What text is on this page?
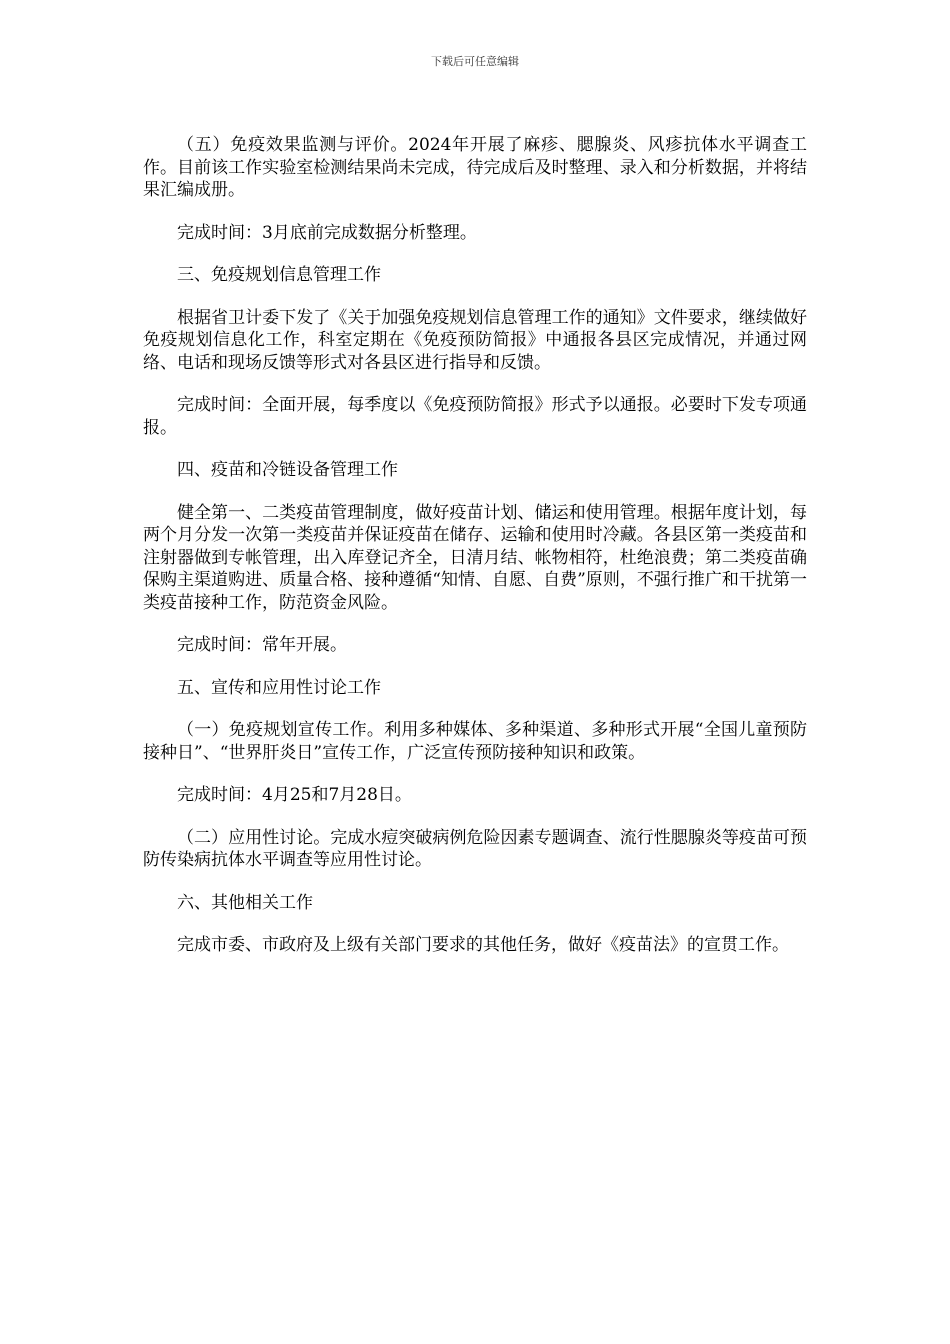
下载后可任意编辑

（五）免疫效果监测与评价。2024年开展了麻疹、腮腺炎、风疹抗体水平调查工作。目前该工作实验室检测结果尚未完成，待完成后及时整理、录入和分析数据，并将结果汇编成册。

完成时间：3月底前完成数据分析整理。

三、免疫规划信息管理工作

根据省卫计委下发了《关于加强免疫规划信息管理工作的通知》文件要求，继续做好免疫规划信息化工作，科室定期在《免疫预防简报》中通报各县区完成情况，并通过网络、电话和现场反馈等形式对各县区进行指导和反馈。

完成时间：全面开展，每季度以《免疫预防简报》形式予以通报。必要时下发专项通报。

四、疫苗和冷链设备管理工作

健全第一、二类疫苗管理制度，做好疫苗计划、储运和使用管理。根据年度计划，每两个月分发一次第一类疫苗并保证疫苗在储存、运输和使用时冷藏。各县区第一类疫苗和注射器做到专帐管理，出入库登记齐全，日清月结、帐物相符，杜绝浪费；第二类疫苗确保购主渠道购进、质量合格、接种遵循“知情、自愿、自费”原则，不强行推广和干扰第一类疫苗接种工作，防范资金风险。

完成时间：常年开展。

五、宣传和应用性讨论工作

（一）免疫规划宣传工作。利用多种媒体、多种渠道、多种形式开展“全国儿童预防接种日”、“世界肝炎日”宣传工作，广泛宣传预防接种知识和政策。

完成时间：4月25和7月28日。

（二）应用性讨论。完成水痘突破病例危险因素专题调查、流行性腮腺炎等疫苗可预防传染病抗体水平调查等应用性讨论。

六、其他相关工作

完成市委、市政府及上级有关部门要求的其他任务，做好《疫苗法》的宣贯工作。
